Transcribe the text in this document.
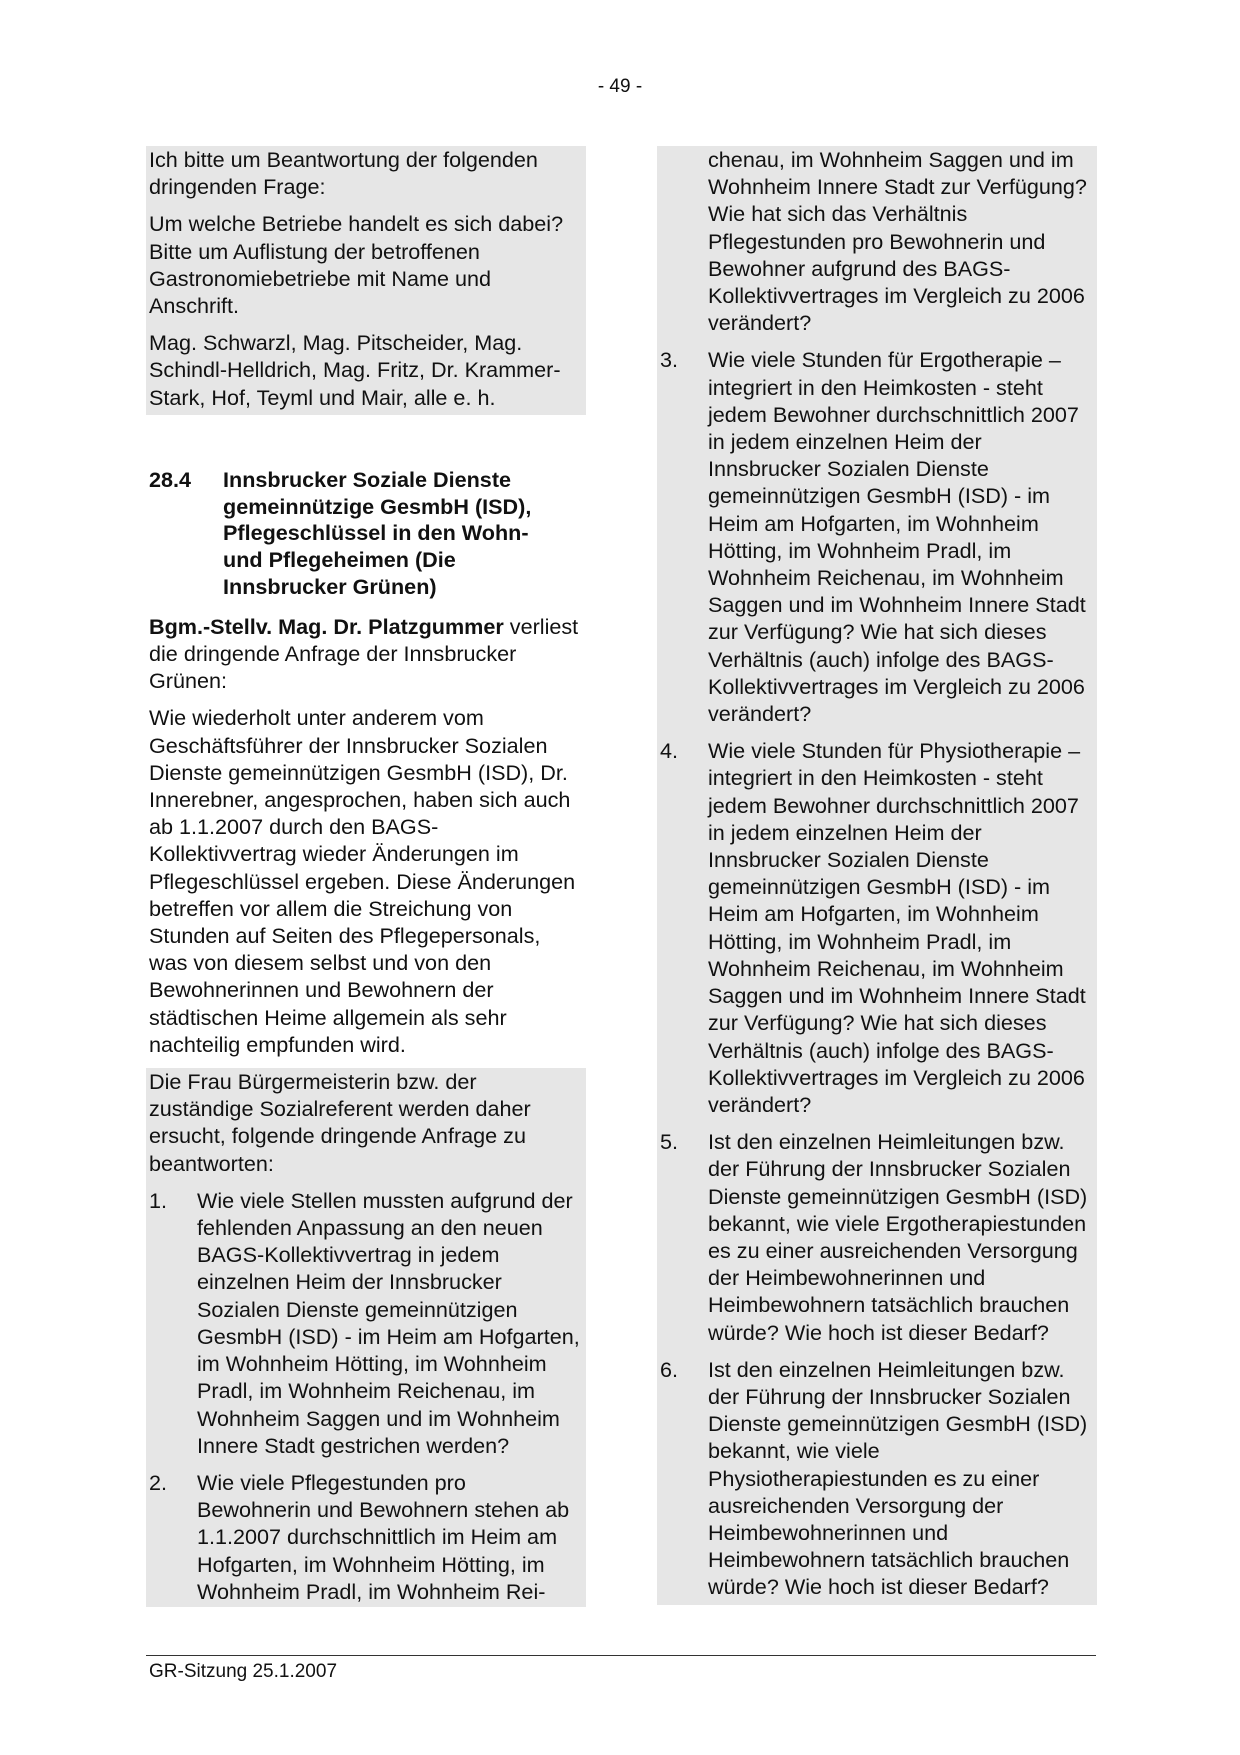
- 49 -

Ich bitte um Beantwortung der folgenden dringenden Frage:

Um welche Betriebe handelt es sich dabei? Bitte um Auflistung der betroffenen Gastronomiebetriebe mit Name und Anschrift.

Mag. Schwarzl, Mag. Pitscheider, Mag. Schindl-Helldrich, Mag. Fritz, Dr. Krammer-Stark, Hof, Teyml und Mair, alle e. h.

28.4	Innsbrucker Soziale Dienste gemeinnützige GesmbH (ISD), Pflegeschlüssel in den Wohn- und Pflegeheimen (Die Innsbrucker Grünen)

Bgm.-Stellv. Mag. Dr. Platzgummer verliest die dringende Anfrage der Innsbrucker Grünen:

Wie wiederholt unter anderem vom Geschäftsführer der Innsbrucker Sozialen Dienste gemeinnützigen GesmbH (ISD), Dr. Innerebner, angesprochen, haben sich auch ab 1.1.2007 durch den BAGS-Kollektivvertrag wieder Änderungen im Pflegeschlüssel ergeben. Diese Änderungen betreffen vor allem die Streichung von Stunden auf Seiten des Pflegepersonals, was von diesem selbst und von den Bewohnerinnen und Bewohnern der städtischen Heime allgemein als sehr nachteilig empfunden wird.

Die Frau Bürgermeisterin bzw. der zuständige Sozialreferent werden daher ersucht, folgende dringende Anfrage zu beantworten:

1.	Wie viele Stellen mussten aufgrund der fehlenden Anpassung an den neuen BAGS-Kollektivvertrag in jedem einzelnen Heim der Innsbrucker Sozialen Dienste gemeinnützigen GesmbH (ISD) - im Heim am Hofgarten, im Wohnheim Hötting, im Wohnheim Pradl, im Wohnheim Reichenau, im Wohnheim Saggen und im Wohnheim Innere Stadt gestrichen werden?
2.	Wie viele Pflegestunden pro Bewohnerin und Bewohnern stehen ab 1.1.2007 durchschnittlich im Heim am Hofgarten, im Wohnheim Hötting, im Wohnheim Pradl, im Wohnheim Rei-

chenau, im Wohnheim Saggen und im Wohnheim Innere Stadt zur Verfügung? Wie hat sich das Verhältnis Pflegestunden pro Bewohnerin und Bewohner aufgrund des BAGS-Kollektivvertrages im Vergleich zu 2006 verändert?

3.	Wie viele Stunden für Ergotherapie – integriert in den Heimkosten - steht jedem Bewohner durchschnittlich 2007 in jedem einzelnen Heim der Innsbrucker Sozialen Dienste gemeinnützigen GesmbH (ISD) - im Heim am Hofgarten, im Wohnheim Hötting, im Wohnheim Pradl, im Wohnheim Reichenau, im Wohnheim Saggen und im Wohnheim Innere Stadt zur Verfügung? Wie hat sich dieses Verhältnis (auch) infolge des BAGS-Kollektivvertrages im Vergleich zu 2006 verändert?
4.	Wie viele Stunden für Physiotherapie – integriert in den Heimkosten - steht jedem Bewohner durchschnittlich 2007 in jedem einzelnen Heim der Innsbrucker Sozialen Dienste gemeinnützigen GesmbH (ISD) - im Heim am Hofgarten, im Wohnheim Hötting, im Wohnheim Pradl, im Wohnheim Reichenau, im Wohnheim Saggen und im Wohnheim Innere Stadt zur Verfügung? Wie hat sich dieses Verhältnis (auch) infolge des BAGS-Kollektivvertrages im Vergleich zu 2006 verändert?
5.	Ist den einzelnen Heimleitungen bzw. der Führung der Innsbrucker Sozialen Dienste gemeinnützigen GesmbH (ISD) bekannt, wie viele Ergotherapiestunden es zu einer ausreichenden Versorgung der Heimbewohnerinnen und Heimbewohnern tatsächlich brauchen würde? Wie hoch ist dieser Bedarf?
6.	Ist den einzelnen Heimleitungen bzw. der Führung der Innsbrucker Sozialen Dienste gemeinnützigen GesmbH (ISD) bekannt, wie viele Physiotherapiestunden es zu einer ausreichenden Versorgung der Heimbewohnerinnen und Heimbewohnern tatsächlich brauchen würde? Wie hoch ist dieser Bedarf?
GR-Sitzung 25.1.2007
